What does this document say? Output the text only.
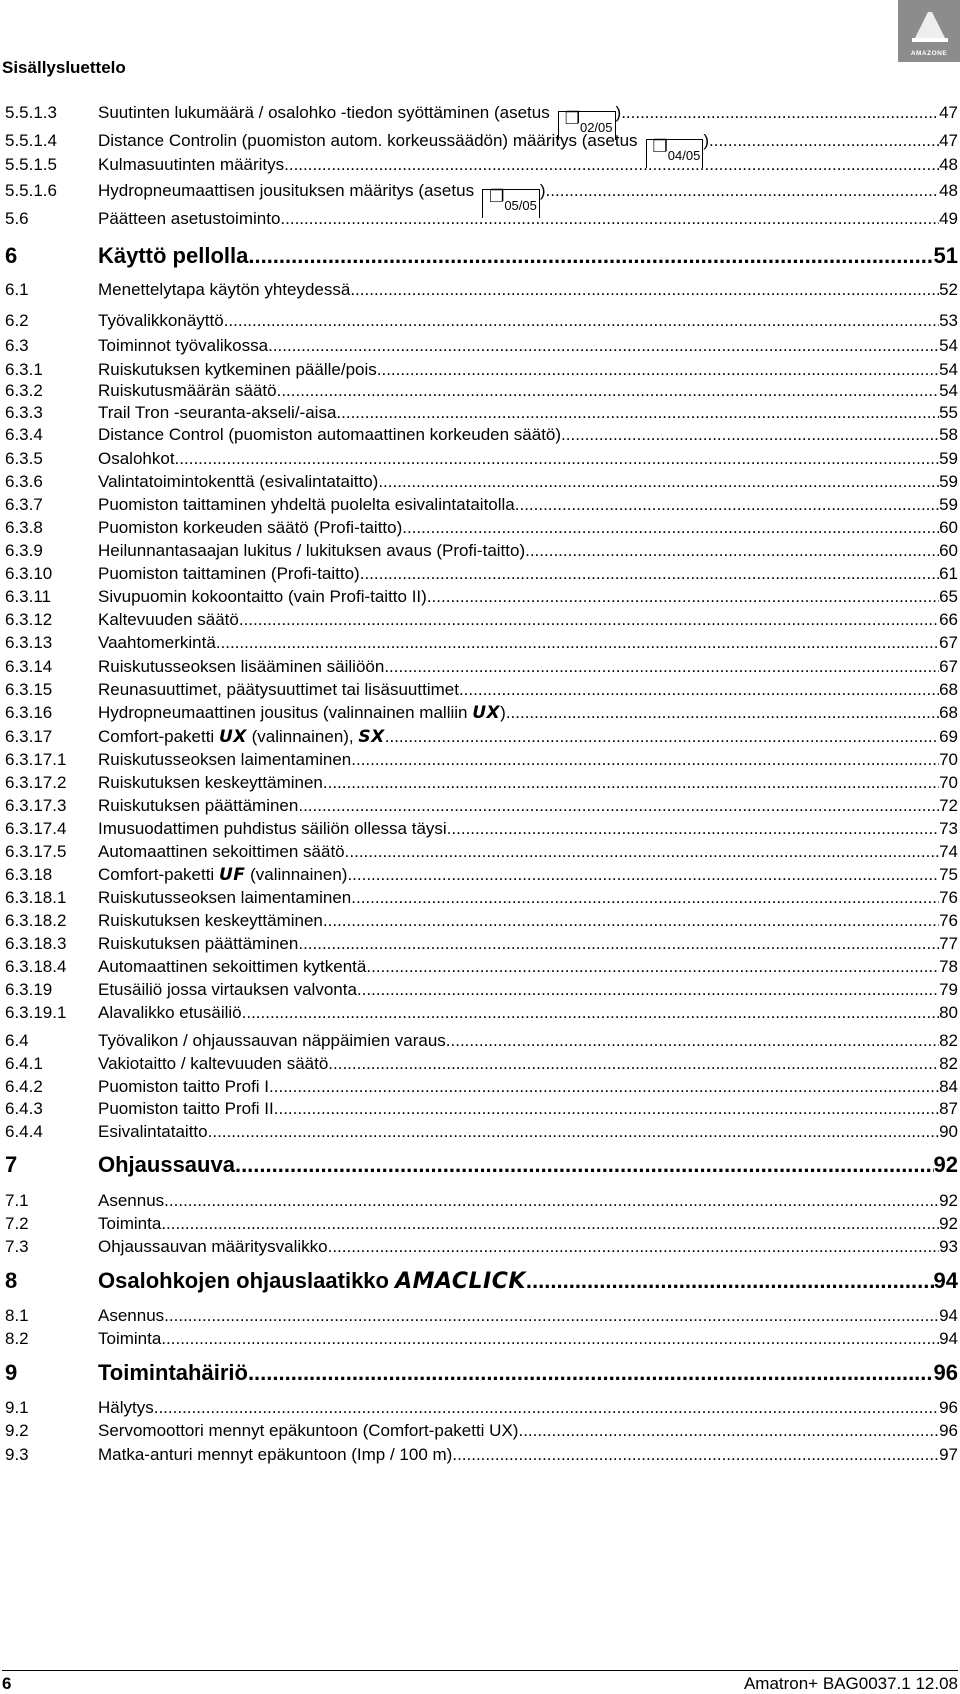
Sisällysluettelo
AMAZONE
5.5.1.3 Suutinten lukumäärä / osalohko -tiedon syöttäminen (asetus $❐_{02/05}$) .....	47
5.5.1.4 Distance Controlin (puomiston autom. korkeussäädön) määritys (asetus $❐_{04/05}$) .....	47
5.5.1.5 Kulmasuutinten määritys .....	48
5.5.1.6 Hydropneumaattisen jousituksen määritys (asetus $❐_{05/05}$) .....	48
5.6	Päätteen asetustoiminto .....	49
6	Käyttö pellolla .....	51
6.1	Menettelytapa käytön yhteydessä .....	52
6.2	Työvalikkonäyttö .....	53
6.3	Toiminnot työvalikossa .....	54
6.3.1	Ruiskutuksen kytkeminen päälle/pois .....	54
6.3.2	Ruiskutusmäärän säätö .....	54
6.3.3	Trail Tron -seuranta-akseli/-aisa .....	55
6.3.4	Distance Control (puomiston automaattinen korkeuden säätö) .....	58
6.3.5	Osalohkot .....	59
6.3.6	Valintatoimintokenttä (esivalintataitto) .....	59
6.3.7	Puomiston taittaminen yhdeltä puolelta esivalintataitolla .....	59
6.3.8	Puomiston korkeuden säätö (Profi-taitto) .....	60
6.3.9	Heilunnantasaajan lukitus / lukituksen avaus (Profi-taitto) .....	60
6.3.10	Puomiston taittaminen (Profi-taitto) .....	61
6.3.11	Sivupuomin kokoontaitto (vain Profi-taitto II) .....	65
6.3.12	Kaltevuuden säätö .....	66
6.3.13	Vaahtomerkintä .....	67
6.3.14	Ruiskutusseoksen lisääminen säiliöön .....	67
6.3.15	Reunasuuttimet, päätysuuttimet tai lisäsuuttimet .....	68
6.3.16	Hydropneumaattinen jousitus (valinnainen malliin UX) .....	68
6.3.17	Comfort-paketti UX (valinnainen), SX .....	69
6.3.17.1 Ruiskutusseoksen laimentaminen .....	70
6.3.17.2 Ruiskutuksen keskeyttäminen .....	70
6.3.17.3 Ruiskutuksen päättäminen .....	72
6.3.17.4 Imusuodattimen puhdistus säiliön ollessa täysi .....	73
6.3.17.5 Automaattinen sekoittimen säätö .....	74
6.3.18	Comfort-paketti UF (valinnainen) .....	75
6.3.18.1 Ruiskutusseoksen laimentaminen .....	76
6.3.18.2 Ruiskutuksen keskeyttäminen .....	76
6.3.18.3 Ruiskutuksen päättäminen .....	77
6.3.18.4 Automaattinen sekoittimen kytkentä .....	78
6.3.19	Etusäiliö jossa virtauksen valvonta .....	79
6.3.19.1 Alavalikko etusäiliö .....	80
6.4	Työvalikon / ohjaussauvan näppäimien varaus .....	82
6.4.1	Vakiotaitto / kaltevuuden säätö .....	82
6.4.2	Puomiston taitto Profi I .....	84
6.4.3	Puomiston taitto Profi II .....	87
6.4.4	Esivalintataitto .....	90
7	Ohjaussauva .....	92
7.1	Asennus .....	92
7.2	Toiminta .....	92
7.3	Ohjaussauvan määritysvalikko .....	93
8	Osalohkojen ohjauslaatikko AMACLICK .....	94
8.1	Asennus .....	94
8.2	Toiminta .....	94
9	Toimintahäiriö .....	96
9.1	Hälytys .....	96
9.2	Servomoottori mennyt epäkuntoon (Comfort-paketti UX) .....	96
9.3	Matka-anturi mennyt epäkuntoon (Imp / 100 m) .....	97
6	Amatron+ BAG0037.1 12.08
